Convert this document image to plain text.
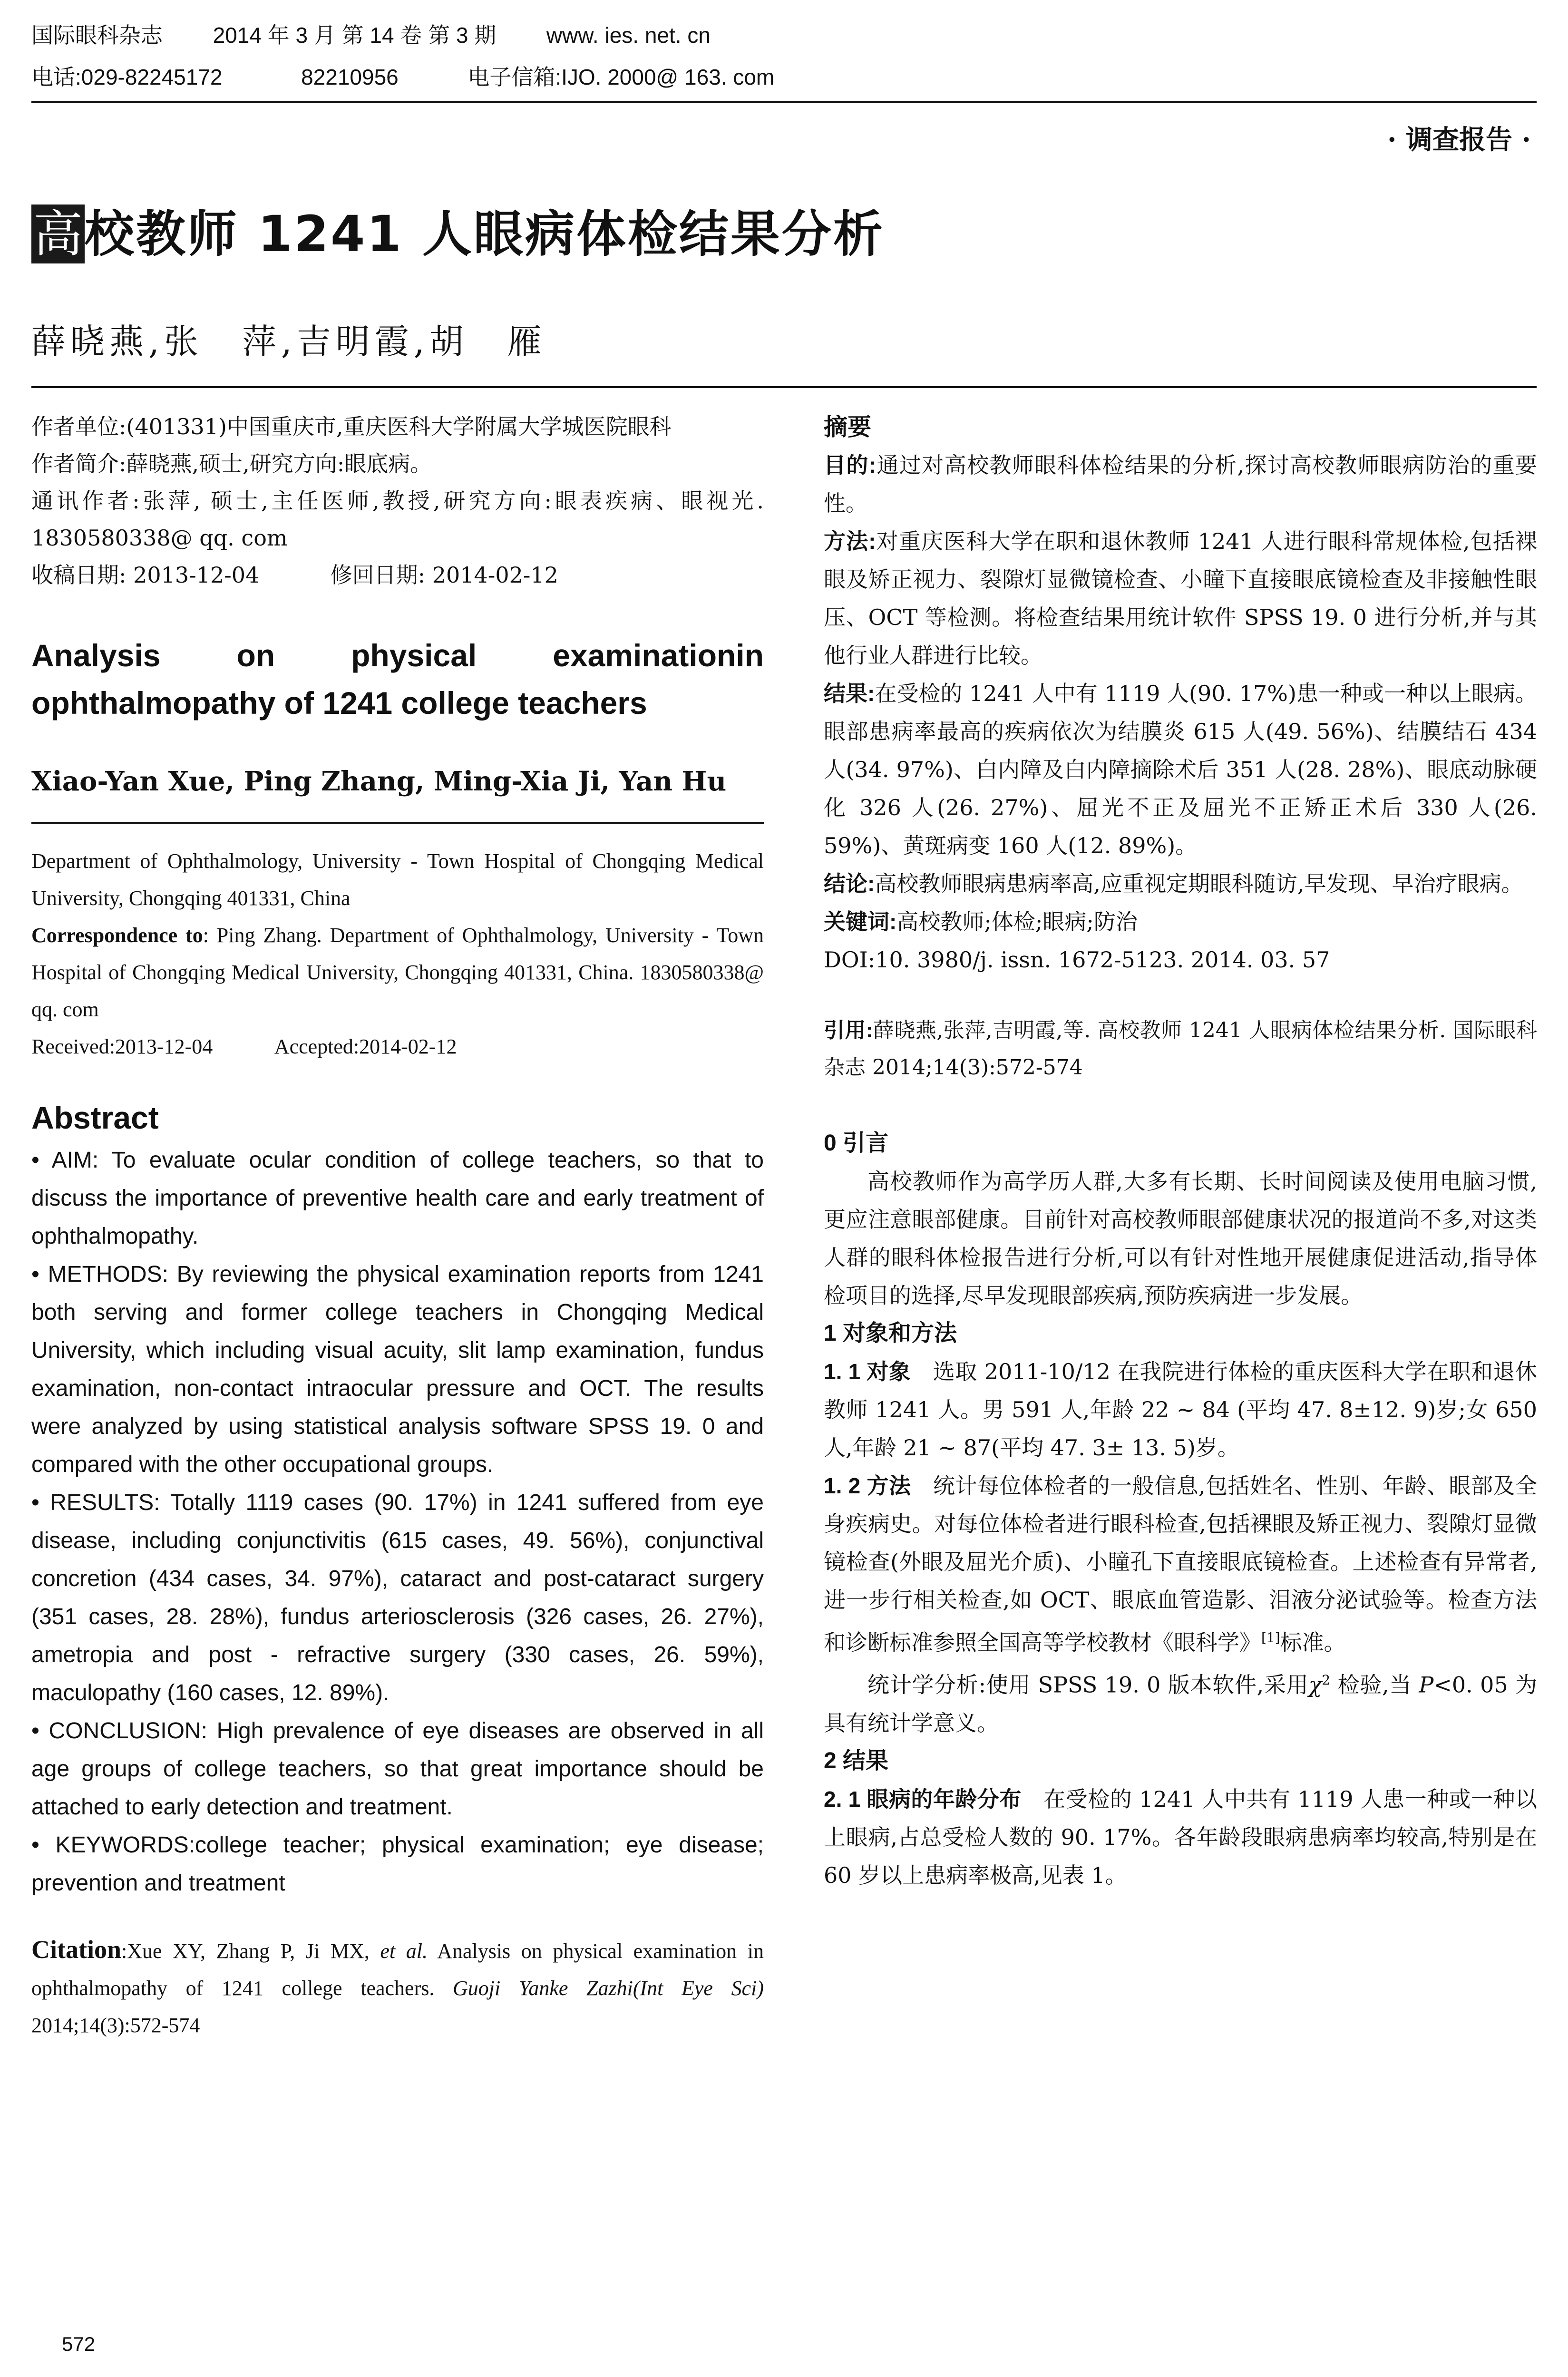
国际眼科杂志 2014 年 3 月 第 14 卷 第 3 期 www. ies. net. cn
电话:029-82245172	82210956	电子信箱:IJO. 2000@ 163. com
· 调查报告 ·
高校教师 1241 人眼病体检结果分析
薛晓燕,张　萍,吉明霞,胡　雁

作者单位:(401331)中国重庆市,重庆医科大学附属大学城医院眼科

作者简介:薛晓燕,硕士,研究方向:眼底病。

通讯作者:张萍, 硕士,主任医师,教授,研究方向:眼表疾病、眼视光. 1830580338@ qq. com

收稿日期: 2013-12-04	修回日期: 2014-02-12

Analysis on physical examinationin ophthalmopathy of 1241 college teachers

Xiao-Yan Xue, Ping Zhang, Ming-Xia Ji, Yan Hu

Department of Ophthalmology, University - Town Hospital of Chongqing Medical University, Chongqing 401331, China

Correspondence to: Ping Zhang. Department of Ophthalmology, University - Town Hospital of Chongqing Medical University, Chongqing 401331, China. 1830580338@ qq. com

Received:2013-12-04	Accepted:2014-02-12

Abstract

• AIM: To evaluate ocular condition of college teachers, so that to discuss the importance of preventive health care and early treatment of ophthalmopathy.

• METHODS: By reviewing the physical examination reports from 1241 both serving and former college teachers in Chongqing Medical University, which including visual acuity, slit lamp examination, fundus examination, non-contact intraocular pressure and OCT. The results were analyzed by using statistical analysis software SPSS 19. 0 and compared with the other occupational groups.

• RESULTS: Totally 1119 cases (90. 17%) in 1241 suffered from eye disease, including conjunctivitis (615 cases, 49. 56%), conjunctival concretion (434 cases, 34. 97%), cataract and post-cataract surgery (351 cases, 28. 28%), fundus arteriosclerosis (326 cases, 26. 27%), ametropia and post - refractive surgery (330 cases, 26. 59%), maculopathy (160 cases, 12. 89%).

• CONCLUSION: High prevalence of eye diseases are observed in all age groups of college teachers, so that great importance should be attached to early detection and treatment.

• KEYWORDS:college teacher; physical examination; eye disease; prevention and treatment

Citation:Xue XY, Zhang P, Ji MX, et al. Analysis on physical examination in ophthalmopathy of 1241 college teachers. Guoji Yanke Zazhi(Int Eye Sci) 2014;14(3):572-574

摘要

目的:通过对高校教师眼科体检结果的分析,探讨高校教师眼病防治的重要性。

方法:对重庆医科大学在职和退休教师 1241 人进行眼科常规体检,包括裸眼及矫正视力、裂隙灯显微镜检查、小瞳下直接眼底镜检查及非接触性眼压、OCT 等检测。将检查结果用统计软件 SPSS 19. 0 进行分析,并与其他行业人群进行比较。

结果:在受检的 1241 人中有 1119 人(90. 17%)患一种或一种以上眼病。眼部患病率最高的疾病依次为结膜炎 615 人(49. 56%)、结膜结石 434 人(34. 97%)、白内障及白内障摘除术后 351 人(28. 28%)、眼底动脉硬化 326 人(26. 27%)、屈光不正及屈光不正矫正术后 330 人(26. 59%)、黄斑病变 160 人(12. 89%)。

结论:高校教师眼病患病率高,应重视定期眼科随访,早发现、早治疗眼病。

关键词:高校教师;体检;眼病;防治

DOI:10. 3980/j. issn. 1672-5123. 2014. 03. 57

引用:薛晓燕,张萍,吉明霞,等. 高校教师 1241 人眼病体检结果分析. 国际眼科杂志 2014;14(3):572-574

0 引言

高校教师作为高学历人群,大多有长期、长时间阅读及使用电脑习惯,更应注意眼部健康。目前针对高校教师眼部健康状况的报道尚不多,对这类人群的眼科体检报告进行分析,可以有针对性地开展健康促进活动,指导体检项目的选择,尽早发现眼部疾病,预防疾病进一步发展。

1 对象和方法

1. 1 对象　选取 2011-10/12 在我院进行体检的重庆医科大学在职和退休教师 1241 人。男 591 人,年龄 22 ~ 84 (平均 47. 8±12. 9)岁;女 650 人,年龄 21 ~ 87(平均 47. 3± 13. 5)岁。

1. 2 方法　统计每位体检者的一般信息,包括姓名、性别、年龄、眼部及全身疾病史。对每位体检者进行眼科检查,包括裸眼及矫正视力、裂隙灯显微镜检查(外眼及屈光介质)、小瞳孔下直接眼底镜检查。上述检查有异常者,进一步行相关检查,如 OCT、眼底血管造影、泪液分泌试验等。检查方法和诊断标准参照全国高等学校教材《眼科学》[1]标准。

统计学分析:使用 SPSS 19. 0 版本软件,采用$\chi^2$ 检验,当 P<0. 05 为具有统计学意义。

2 结果

2. 1 眼病的年龄分布　在受检的 1241 人中共有 1119 人患一种或一种以上眼病,占总受检人数的 90. 17%。各年龄段眼病患病率均较高,特别是在 60 岁以上患病率极高,见表 1。

572
